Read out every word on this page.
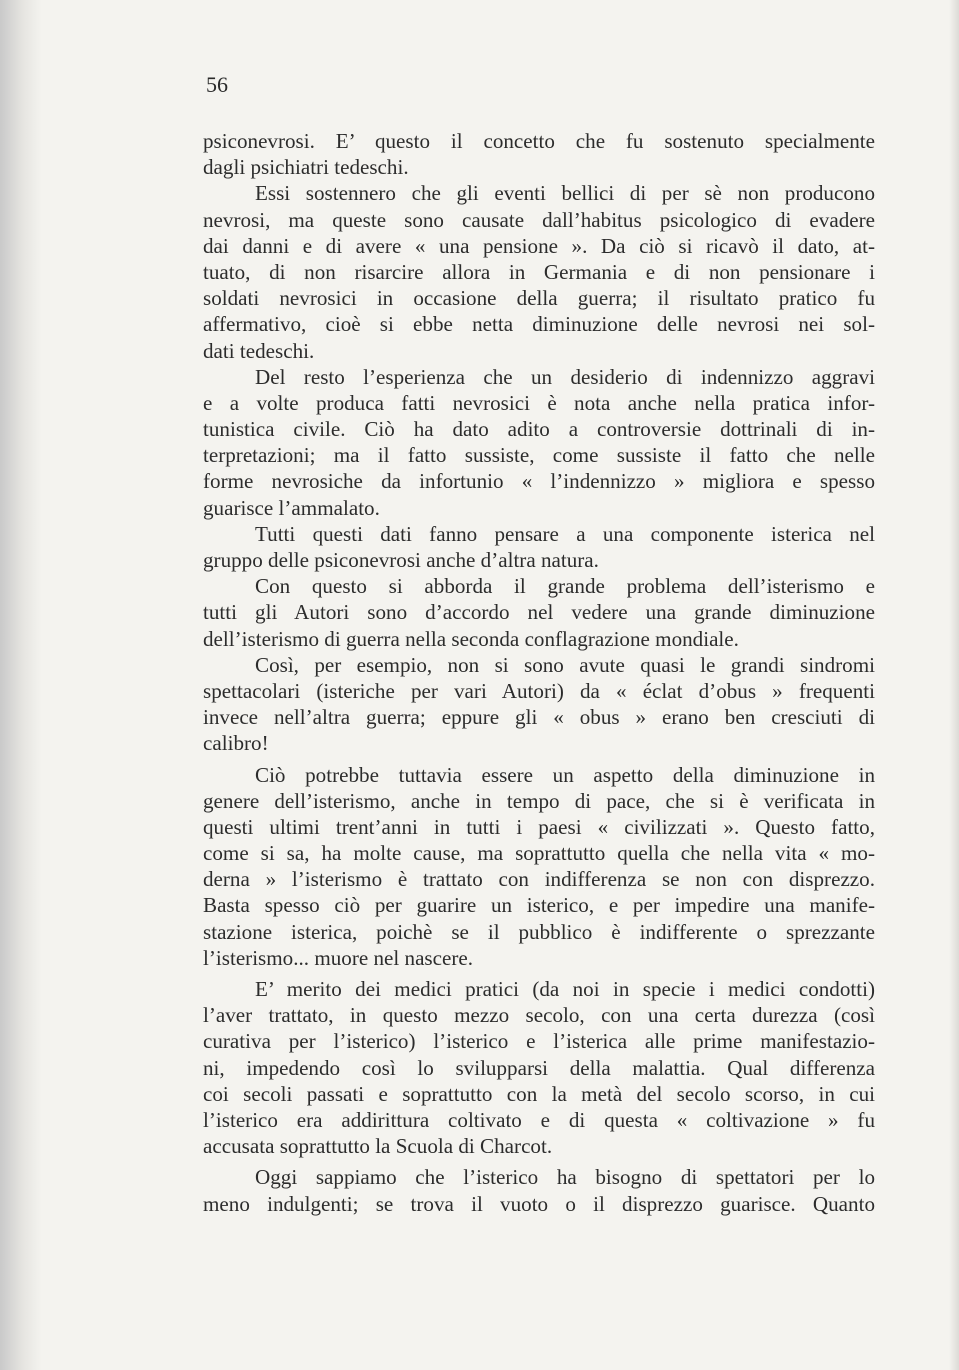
56
psiconevrosi. E’ questo il concetto che fu sostenuto specialmente
dagli psichiatri tedeschi.
Essi sostennero che gli eventi bellici di per sè non producono
nevrosi, ma queste sono causate dall’habitus psicologico di evadere
dai danni e di avere « una pensione ». Da ciò si ricavò il dato, at-
tuato, di non risarcire allora in Germania e di non pensionare i
soldati nevrosici in occasione della guerra; il risultato pratico fu
affermativo, cioè si ebbe netta diminuzione delle nevrosi nei sol-
dati tedeschi.
Del resto l’esperienza che un desiderio di indennizzo aggravi
e a volte produca fatti nevrosici è nota anche nella pratica infor-
tunistica civile. Ciò ha dato adito a controversie dottrinali di in-
terpretazioni; ma il fatto sussiste, come sussiste il fatto che nelle
forme nevrosiche da infortunio « l’indennizzo » migliora e spesso
guarisce l’ammalato.
Tutti questi dati fanno pensare a una componente isterica nel
gruppo delle psiconevrosi anche d’altra natura.
Con questo si abborda il grande problema dell’isterismo e
tutti gli Autori sono d’accordo nel vedere una grande diminuzione
dell’isterismo di guerra nella seconda conflagrazione mondiale.
Così, per esempio, non si sono avute quasi le grandi sindromi
spettacolari (isteriche per vari Autori) da « éclat d’obus » frequenti
invece nell’altra guerra; eppure gli « obus » erano ben cresciuti di
calibro!
Ciò potrebbe tuttavia essere un aspetto della diminuzione in
genere dell’isterismo, anche in tempo di pace, che si è verificata in
questi ultimi trent’anni in tutti i paesi « civilizzati ». Questo fatto,
come si sa, ha molte cause, ma soprattutto quella che nella vita « mo-
derna » l’isterismo è trattato con indifferenza se non con disprezzo.
Basta spesso ciò per guarire un isterico, e per impedire una manife-
stazione isterica, poichè se il pubblico è indifferente o sprezzante
l’isterismo... muore nel nascere.
E’ merito dei medici pratici (da noi in specie i medici condotti)
l’aver trattato, in questo mezzo secolo, con una certa durezza (così
curativa per l’isterico) l’isterico e l’isterica alle prime manifestazio-
ni, impedendo così lo svilupparsi della malattia. Qual differenza
coi secoli passati e soprattutto con la metà del secolo scorso, in cui
l’isterico era addirittura coltivato e di questa « coltivazione » fu
accusata soprattutto la Scuola di Charcot.
Oggi sappiamo che l’isterico ha bisogno di spettatori per lo
meno indulgenti; se trova il vuoto o il disprezzo guarisce. Quanto
